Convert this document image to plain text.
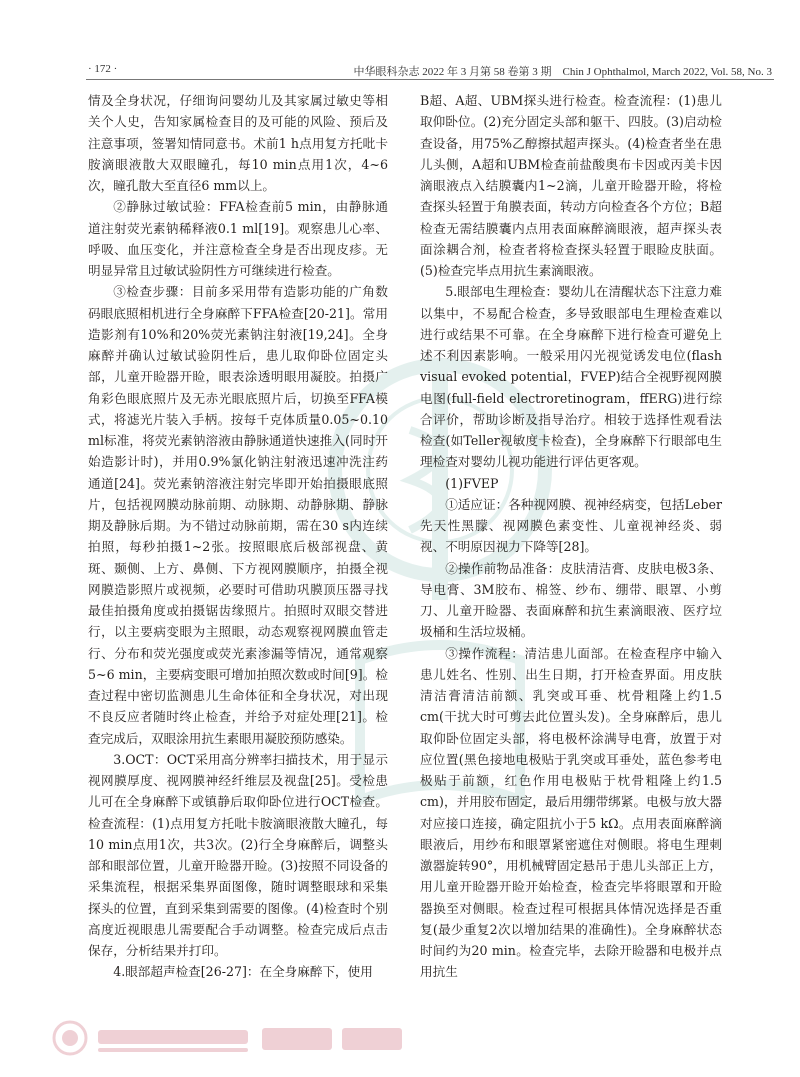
· 172 ·	中华眼科杂志 2022 年 3 月第 58 卷第 3 期　Chin J Ophthalmol, March 2022, Vol. 58, No. 3

情及全身状况，仔细询问婴幼儿及其家属过敏史等相关个人史，告知家属检查目的及可能的风险、预后及注意事项，签署知情同意书。术前1 h点用复方托吡卡胺滴眼液散大双眼瞳孔，每10 min点用1次，4~6次，瞳孔散大至直径6 mm以上。

②静脉过敏试验：FFA检查前5 min，由静脉通道注射荧光素钠稀释液0.1 ml[19]。观察患儿心率、呼吸、血压变化，并注意检查全身是否出现皮疹。无明显异常且过敏试验阴性方可继续进行检查。

③检查步骤：目前多采用带有造影功能的广角数码眼底照相机进行全身麻醉下FFA检查[20-21]。常用造影剂有10%和20%荧光素钠注射液[19,24]。全身麻醉并确认过敏试验阴性后，患儿取仰卧位固定头部，儿童开睑器开睑，眼表涂透明眼用凝胶。拍摄广角彩色眼底照片及无赤光眼底照片后，切换至FFA模式，将滤光片装入手柄。按每千克体质量0.05~0.10 ml标准，将荧光素钠溶液由静脉通道快速推入(同时开始造影计时)，并用0.9%氯化钠注射液迅速冲洗注药通道[24]。荧光素钠溶液注射完毕即开始拍摄眼底照片，包括视网膜动脉前期、动脉期、动静脉期、静脉期及静脉后期。为不错过动脉前期，需在30 s内连续拍照，每秒拍摄1~2张。按照眼底后极部视盘、黄斑、颞侧、上方、鼻侧、下方视网膜顺序，拍摄全视网膜造影照片或视频，必要时可借助巩膜顶压器寻找最佳拍摄角度或拍摄锯齿缘照片。拍照时双眼交替进行，以主要病变眼为主照眼，动态观察视网膜血管走行、分布和荧光强度或荧光素渗漏等情况，通常观察5~6 min，主要病变眼可增加拍照次数或时间[9]。检查过程中密切监测患儿生命体征和全身状况，对出现不良反应者随时终止检查，并给予对症处理[21]。检查完成后，双眼涂用抗生素眼用凝胶预防感染。

3.OCT：OCT采用高分辨率扫描技术，用于显示视网膜厚度、视网膜神经纤维层及视盘[25]。受检患儿可在全身麻醉下或镇静后取仰卧位进行OCT检查。检查流程：(1)点用复方托吡卡胺滴眼液散大瞳孔，每10 min点用1次，共3次。(2)行全身麻醉后，调整头部和眼部位置，儿童开睑器开睑。(3)按照不同设备的采集流程，根据采集界面图像，随时调整眼球和采集探头的位置，直到采集到需要的图像。(4)检查时个别高度近视眼患儿需要配合手动调整。检查完成后点击保存，分析结果并打印。

4.眼部超声检查[26-27]：在全身麻醉下，使用

B超、A超、UBM探头进行检查。检查流程：(1)患儿取仰卧位。(2)充分固定头部和躯干、四肢。(3)启动检查设备，用75%乙醇擦拭超声探头。(4)检查者坐在患儿头侧，A超和UBM检查前盐酸奥布卡因或丙美卡因滴眼液点入结膜囊内1~2滴，儿童开睑器开睑，将检查探头轻置于角膜表面，转动方向检查各个方位；B超检查无需结膜囊内点用表面麻醉滴眼液，超声探头表面涂耦合剂，检查者将检查探头轻置于眼睑皮肤面。(5)检查完毕点用抗生素滴眼液。

5.眼部电生理检查：婴幼儿在清醒状态下注意力难以集中，不易配合检查，多导致眼部电生理检查难以进行或结果不可靠。在全身麻醉下进行检查可避免上述不利因素影响。一般采用闪光视觉诱发电位(flash visual evoked potential，FVEP)结合全视野视网膜电图(full-field electroretinogram，ffERG)进行综合评价，帮助诊断及指导治疗。相较于选择性观看法检查(如Teller视敏度卡检查)，全身麻醉下行眼部电生理检查对婴幼儿视功能进行评估更客观。

(1)FVEP

①适应证：各种视网膜、视神经病变，包括Leber先天性黑朦、视网膜色素变性、儿童视神经炎、弱视、不明原因视力下降等[28]。

②操作前物品准备：皮肤清洁膏、皮肤电极3条、导电膏、3M胶布、棉签、纱布、绷带、眼罩、小剪刀、儿童开睑器、表面麻醉和抗生素滴眼液、医疗垃圾桶和生活垃圾桶。

③操作流程：清洁患儿面部。在检查程序中输入患儿姓名、性别、出生日期，打开检查界面。用皮肤清洁膏清洁前额、乳突或耳垂、枕骨粗隆上约1.5 cm(干扰大时可剪去此位置头发)。全身麻醉后，患儿取仰卧位固定头部，将电极杯涂满导电膏，放置于对应位置(黑色接地电极贴于乳突或耳垂处，蓝色参考电极贴于前额，红色作用电极贴于枕骨粗隆上约1.5 cm)，并用胶布固定，最后用绷带绑紧。电极与放大器对应接口连接，确定阻抗小于5 kΩ。点用表面麻醉滴眼液后，用纱布和眼罩紧密遮住对侧眼。将电生理刺激器旋转90°，用机械臂固定悬吊于患儿头部正上方，用儿童开睑器开睑开始检查，检查完毕将眼罩和开睑器换至对侧眼。检查过程可根据具体情况选择是否重复(最少重复2次以增加结果的准确性)。全身麻醉状态时间约为20 min。检查完毕，去除开睑器和电极并点用抗生
